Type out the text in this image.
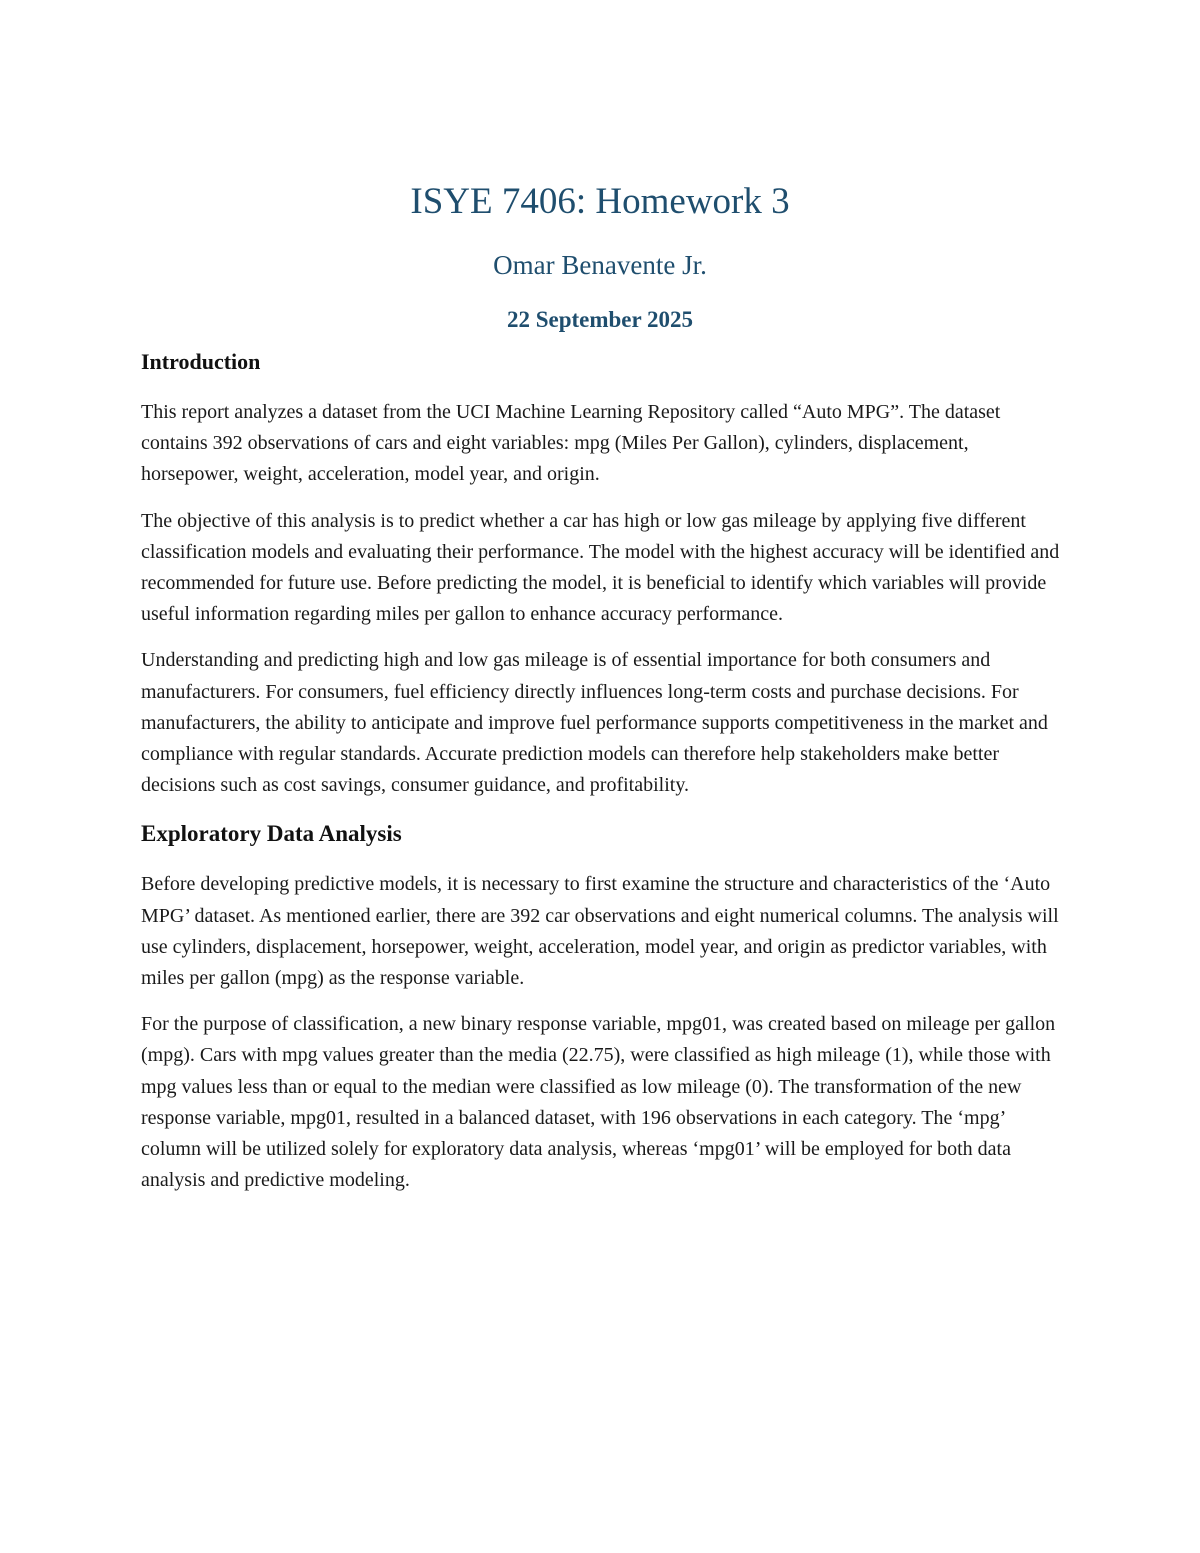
ISYE 7406: Homework 3
Omar Benavente Jr.
22 September 2025
Introduction

This report analyzes a dataset from the UCI Machine Learning Repository called “Auto MPG”. The dataset contains 392 observations of cars and eight variables: mpg (Miles Per Gallon), cylinders, displacement, horsepower, weight, acceleration, model year, and origin.

The objective of this analysis is to predict whether a car has high or low gas mileage by applying five different classification models and evaluating their performance. The model with the highest accuracy will be identified and recommended for future use. Before predicting the model, it is beneficial to identify which variables will provide useful information regarding miles per gallon to enhance accuracy performance.

Understanding and predicting high and low gas mileage is of essential importance for both consumers and manufacturers. For consumers, fuel efficiency directly influences long-term costs and purchase decisions. For manufacturers, the ability to anticipate and improve fuel performance supports competitiveness in the market and compliance with regular standards. Accurate prediction models can therefore help stakeholders make better decisions such as cost savings, consumer guidance, and profitability.

Exploratory Data Analysis

Before developing predictive models, it is necessary to first examine the structure and characteristics of the ‘Auto MPG’ dataset. As mentioned earlier, there are 392 car observations and eight numerical columns. The analysis will use cylinders, displacement, horsepower, weight, acceleration, model year, and origin as predictor variables, with miles per gallon (mpg) as the response variable.

For the purpose of classification, a new binary response variable, mpg01, was created based on mileage per gallon (mpg). Cars with mpg values greater than the media (22.75), were classified as high mileage (1), while those with mpg values less than or equal to the median were classified as low mileage (0). The transformation of the new response variable, mpg01, resulted in a balanced dataset, with 196 observations in each category. The ‘mpg’ column will be utilized solely for exploratory data analysis, whereas ‘mpg01’ will be employed for both data analysis and predictive modeling.
